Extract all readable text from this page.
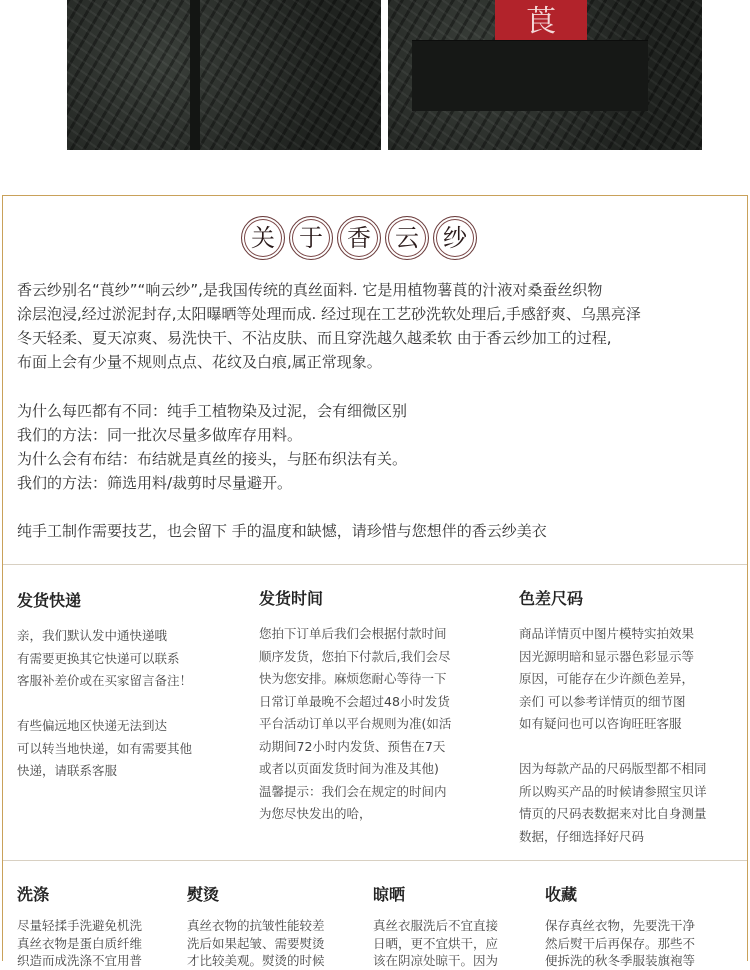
莨
关	于	香	云	纱
香云纱别名“莨纱”“响云纱”,是我国传统的真丝面料. 它是用植物薯莨的汁液对桑蚕丝织物
涂层泡浸,经过淤泥封存,太阳曝晒等处理而成. 经过现在工艺砂洗软处理后,手感舒爽、乌黑亮泽
冬天轻柔、夏天凉爽、易洗快干、不沾皮肤、而且穿洗越久越柔软 由于香云纱加工的过程,
布面上会有少量不规则点点、花纹及白痕,属正常现象。
为什么每匹都有不同：纯手工植物染及过泥，会有细微区别
我们的方法：同一批次尽量多做库存用料。
为什么会有布结：布结就是真丝的接头，与胚布织法有关。
我们的方法：筛选用料/裁剪时尽量避开。
纯手工制作需要技艺，也会留下 手的温度和缺憾，请珍惜与您想伴的香云纱美衣
发货快递
亲，我们默认发中通快递哦
有需要更换其它快递可以联系
客服补差价或在买家留言备注！

有些偏远地区快递无法到达
可以转当地快递，如有需要其他
快递，请联系客服
发货时间
您拍下订单后我们会根据付款时间
顺序发货，您拍下付款后,我们会尽
快为您安排。麻烦您耐心等待一下
日常订单最晚不会超过48小时发货
平台活动订单以平台规则为准(如活
动期间72小时内发货、预售在7天
或者以页面发货时间为准及其他)
温馨提示：我们会在规定的时间内
为您尽快发出的哈，
色差尺码
商品详情页中图片模特实拍效果
因光源明暗和显示器色彩显示等
原因，可能存在少许颜色差异，
亲们 可以参考详情页的细节图
如有疑问也可以咨询旺旺客服

因为每款产品的尺码版型都不相同
所以购买产品的时候请参照宝贝详
情页的尺码表数据来对比自身测量
数据，仔细选择好尺码
洗涤
尽量轻揉手洗避免机洗
真丝衣物是蛋白质纤维
织造而成洗涤不宜用普
熨烫
真丝衣物的抗皱性能较差
洗后如果起皱、需要熨烫
才比较美观。熨烫的时候
晾晒
真丝衣服洗后不宜直接
日晒，更不宜烘干，应
该在阴凉处晾干。因为
收藏
保存真丝衣物，先要洗干净
然后熨干后再保存。那些不
便拆洗的秋冬季服装旗袍等
